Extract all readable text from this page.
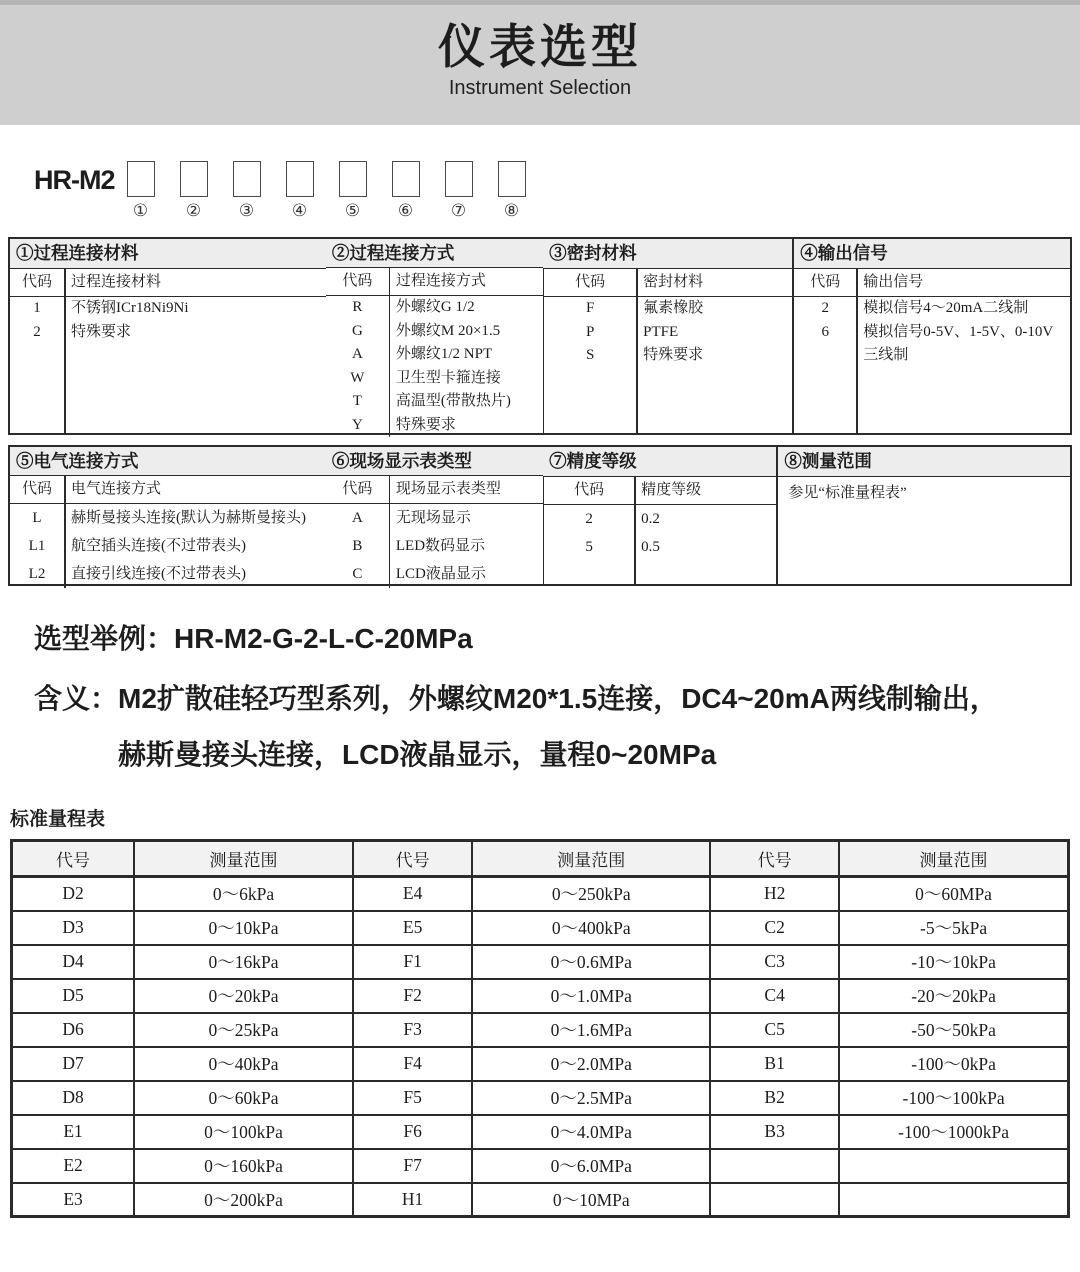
仪表选型
Instrument Selection
HR-M2
①	②	③	④	⑤	⑥	⑦	⑧
①过程连接材料
代码	过程连接材料
1	不锈钢ICr18Ni9Ni
2	特殊要求
②过程连接方式
代码	过程连接方式
R	外螺纹G 1/2
G	外螺纹M 20×1.5
A	外螺纹1/2 NPT
W	卫生型卡箍连接
T	高温型(带散热片)
Y	特殊要求
③密封材料
代码	密封材料
F	氟素橡胶
P	PTFE
S	特殊要求
④输出信号
代码	输出信号
2	模拟信号4～20mA二线制
6	模拟信号0-5V、1-5V、0-10V三线制
⑤电气连接方式
代码	电气连接方式
L	赫斯曼接头连接(默认为赫斯曼接头)
L1	航空插头连接(不过带表头)
L2	直接引线连接(不过带表头)
⑥现场显示表类型
代码	现场显示表类型
A	无现场显示
B	LED数码显示
C	LCD液晶显示
⑦精度等级
代码	精度等级
2	0.2
5	0.5
⑧测量范围
参见“标准量程表”

选型举例：HR-M2-G-2-L-C-20MPa

含义： M2扩散硅轻巧型系列，外螺纹M20*1.5连接，DC4~20mA两线制输出，
赫斯曼接头连接，LCD液晶显示，量程0~20MPa
标准量程表
代号	测量范围	代号	测量范围	代号	测量范围
D2	0～6kPa	E4	0～250kPa	H2	0～60MPa
D3	0～10kPa	E5	0～400kPa	C2	-5～5kPa
D4	0～16kPa	F1	0～0.6MPa	C3	-10～10kPa
D5	0～20kPa	F2	0～1.0MPa	C4	-20～20kPa
D6	0～25kPa	F3	0～1.6MPa	C5	-50～50kPa
D7	0～40kPa	F4	0～2.0MPa	B1	-100～0kPa
D8	0～60kPa	F5	0～2.5MPa	B2	-100～100kPa
E1	0～100kPa	F6	0～4.0MPa	B3	-100～1000kPa
E2	0～160kPa	F7	0～6.0MPa		
E3	0～200kPa	H1	0～10MPa		
